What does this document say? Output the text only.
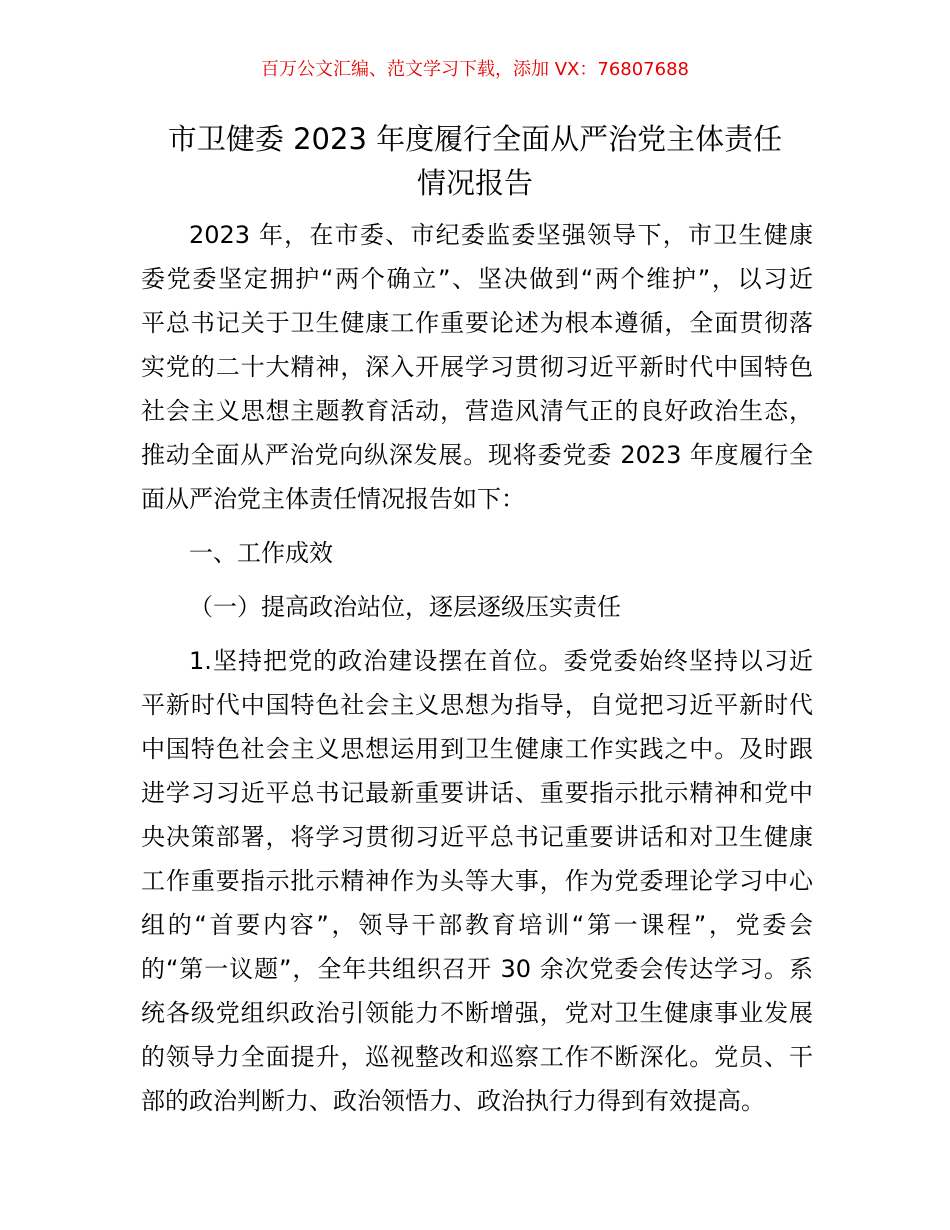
百万公文汇编、范文学习下载，添加 VX：76807688
市卫健委 2023 年度履行全面从严治党主体责任
情况报告
2023 年，在市委、市纪委监委坚强领导下，市卫生健康
委党委坚定拥护“两个确立”、坚决做到“两个维护”，以习近
平总书记关于卫生健康工作重要论述为根本遵循，全面贯彻落
实党的二十大精神，深入开展学习贯彻习近平新时代中国特色
社会主义思想主题教育活动，营造风清气正的良好政治生态，
推动全面从严治党向纵深发展。现将委党委 2023 年度履行全
面从严治党主体责任情况报告如下：
一、工作成效
（一）提高政治站位，逐层逐级压实责任
1.坚持把党的政治建设摆在首位。委党委始终坚持以习近
平新时代中国特色社会主义思想为指导，自觉把习近平新时代
中国特色社会主义思想运用到卫生健康工作实践之中。及时跟
进学习习近平总书记最新重要讲话、重要指示批示精神和党中
央决策部署，将学习贯彻习近平总书记重要讲话和对卫生健康
工作重要指示批示精神作为头等大事，作为党委理论学习中心
组的“首要内容”，领导干部教育培训“第一课程”，党委会
的“第一议题”，全年共组织召开 30 余次党委会传达学习。系
统各级党组织政治引领能力不断增强，党对卫生健康事业发展
的领导力全面提升，巡视整改和巡察工作不断深化。党员、干
部的政治判断力、政治领悟力、政治执行力得到有效提高。
